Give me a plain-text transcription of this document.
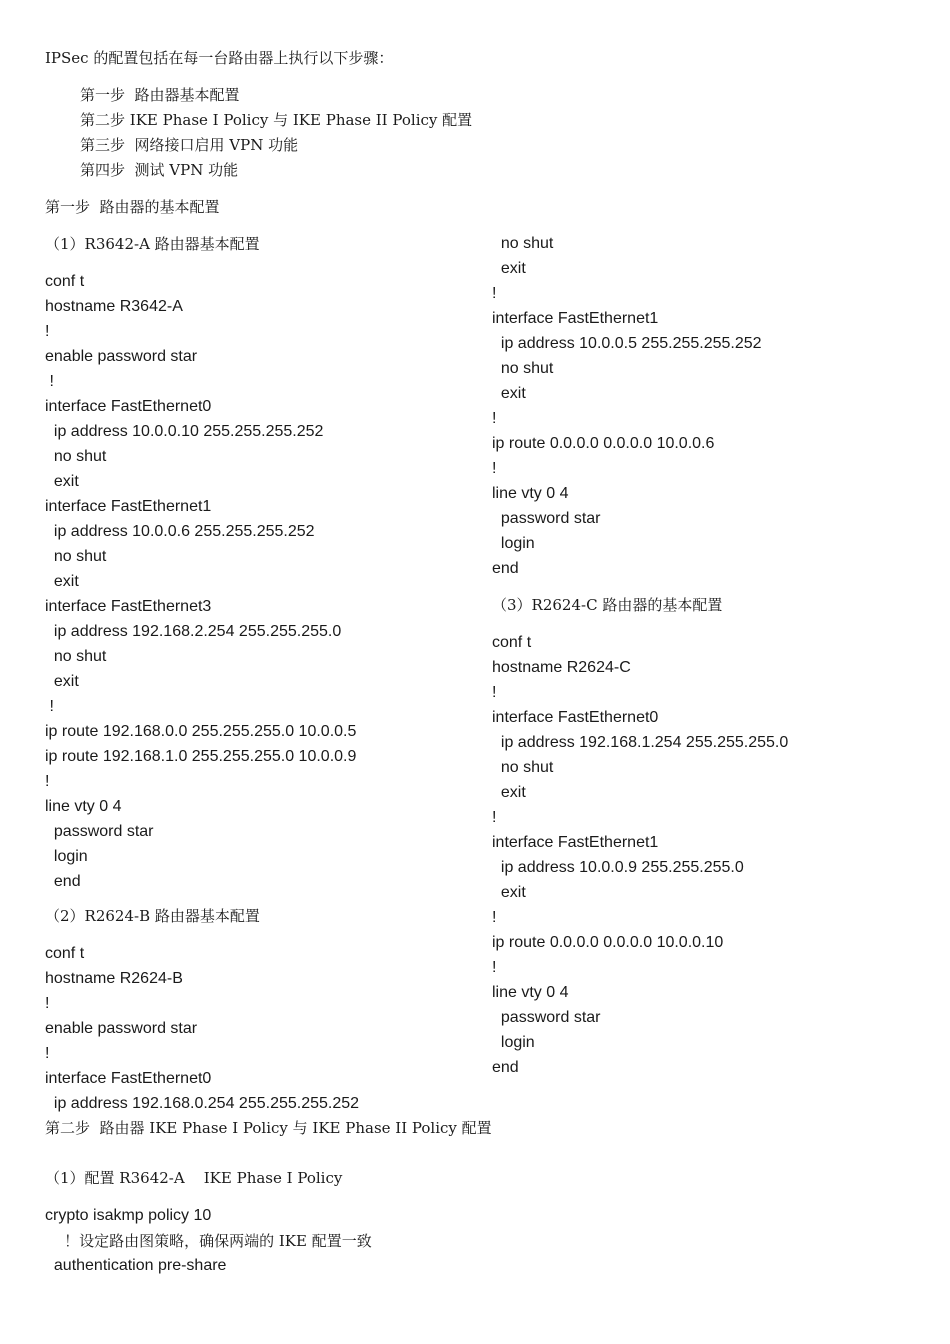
IPSec 的配置包括在每一台路由器上执行以下步骤：
第一步  路由器基本配置
第二步 IKE Phase I Policy 与 IKE Phase II Policy 配置
第三步  网络接口启用 VPN 功能
第四步  测试 VPN 功能
第一步  路由器的基本配置
（1）R3642-A 路由器基本配置
conf t
hostname R3642-A
!
enable password star
!
interface FastEthernet0
ip address 10.0.0.10 255.255.255.252
no shut
exit
interface FastEthernet1
ip address 10.0.0.6 255.255.255.252
no shut
exit
interface FastEthernet3
ip address 192.168.2.254 255.255.255.0
no shut
exit
!
ip route 192.168.0.0 255.255.255.0 10.0.0.5
ip route 192.168.1.0 255.255.255.0 10.0.0.9
!
line vty 0 4
password star
login
end
（2）R2624-B 路由器基本配置
conf t
hostname R2624-B
!
enable password star
!
interface FastEthernet0
ip address 192.168.0.254 255.255.255.252
no shut
exit
!
interface FastEthernet1
ip address 10.0.0.5 255.255.255.252
no shut
exit
!
ip route 0.0.0.0 0.0.0.0 10.0.0.6
!
line vty 0 4
password star
login
end
（3）R2624-C 路由器的基本配置
conf t
hostname R2624-C
!
interface FastEthernet0
ip address 192.168.1.254 255.255.255.0
no shut
exit
!
interface FastEthernet1
ip address 10.0.0.9 255.255.255.0
exit
!
ip route 0.0.0.0 0.0.0.0 10.0.0.10
!
line vty 0 4
password star
login
end
第二步  路由器 IKE Phase I Policy 与 IKE Phase II Policy 配置
（1）配置 R3642-A    IKE Phase I Policy
crypto isakmp policy 10
！设定路由图策略，确保两端的 IKE 配置一致
authentication pre-share
